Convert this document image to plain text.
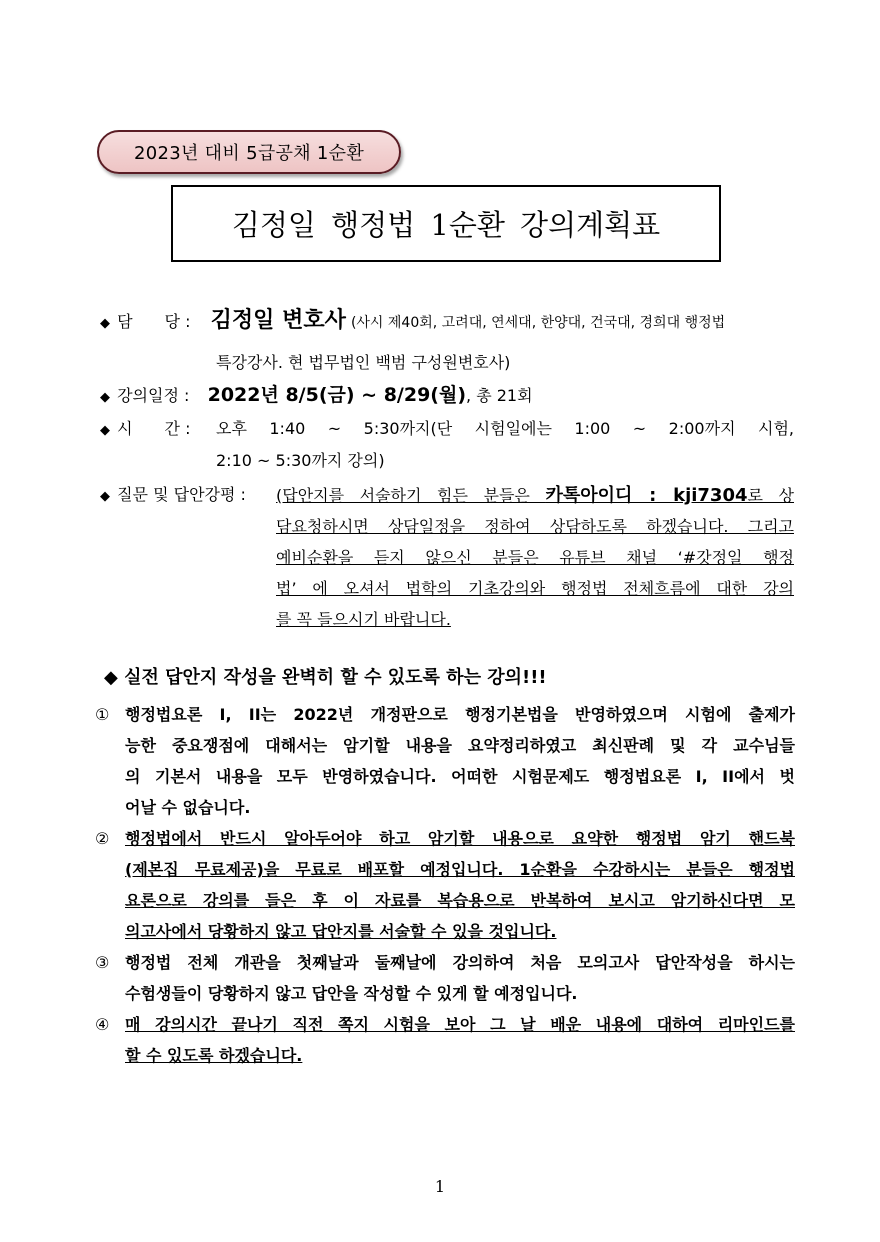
2023년 대비 5급공채 1순환
김정일 행정법 1순환 강의계획표
◆ 담　　당 : 김정일 변호사 (사시 제40회, 고려대, 연세대, 한양대, 건국대, 경희대 행정법
특강강사. 현 법무법인 백범 구성원변호사)
◆ 강의일정 : 2022년 8/5(금) ~ 8/29(월), 총 21회
◆ 시　　간 : 오후 1:40 ~ 5:30까지(단 시험일에는 1:00 ~ 2:00까지 시험,
2:10 ~ 5:30까지 강의)
◆ 질문 및 답안강평 : (답안지를 서술하기 힘든 분들은 카톡아이디 : kji7304로 상
담요청하시면 상담일정을 정하여 상담하도록 하겠습니다. 그리고
예비순환을 듣지 않으신 분들은 유튜브 채널 ‘#갓정일 행정
법’ 에 오셔서 법학의 기초강의와 행정법 전체흐름에 대한 강의
를 꼭 들으시기 바랍니다.
◆ 실전 답안지 작성을 완벽히 할 수 있도록 하는 강의!!!
① 행정법요론 I, II는 2022년 개정판으로 행정기본법을 반영하였으며 시험에 출제가
능한 중요쟁점에 대해서는 암기할 내용을 요약정리하였고 최신판례 및 각 교수님들
의 기본서 내용을 모두 반영하였습니다. 어떠한 시험문제도 행정법요론 I, II에서 벗
어날 수 없습니다.
② 행정법에서 반드시 알아두어야 하고 암기할 내용으로 요약한 행정법 암기 핸드북
(제본집 무료제공)을 무료로 배포할 예정입니다. 1순환을 수강하시는 분들은 행정법
요론으로 강의를 들은 후 이 자료를 복습용으로 반복하여 보시고 암기하신다면 모
의고사에서 당황하지 않고 답안지를 서술할 수 있을 것입니다.
③ 행정법 전체 개관을 첫째날과 둘째날에 강의하여 처음 모의고사 답안작성을 하시는
수험생들이 당황하지 않고 답안을 작성할 수 있게 할 예정입니다.
④ 매 강의시간 끝나기 직전 쪽지 시험을 보아 그 날 배운 내용에 대하여 리마인드를
할 수 있도록 하겠습니다.
1
